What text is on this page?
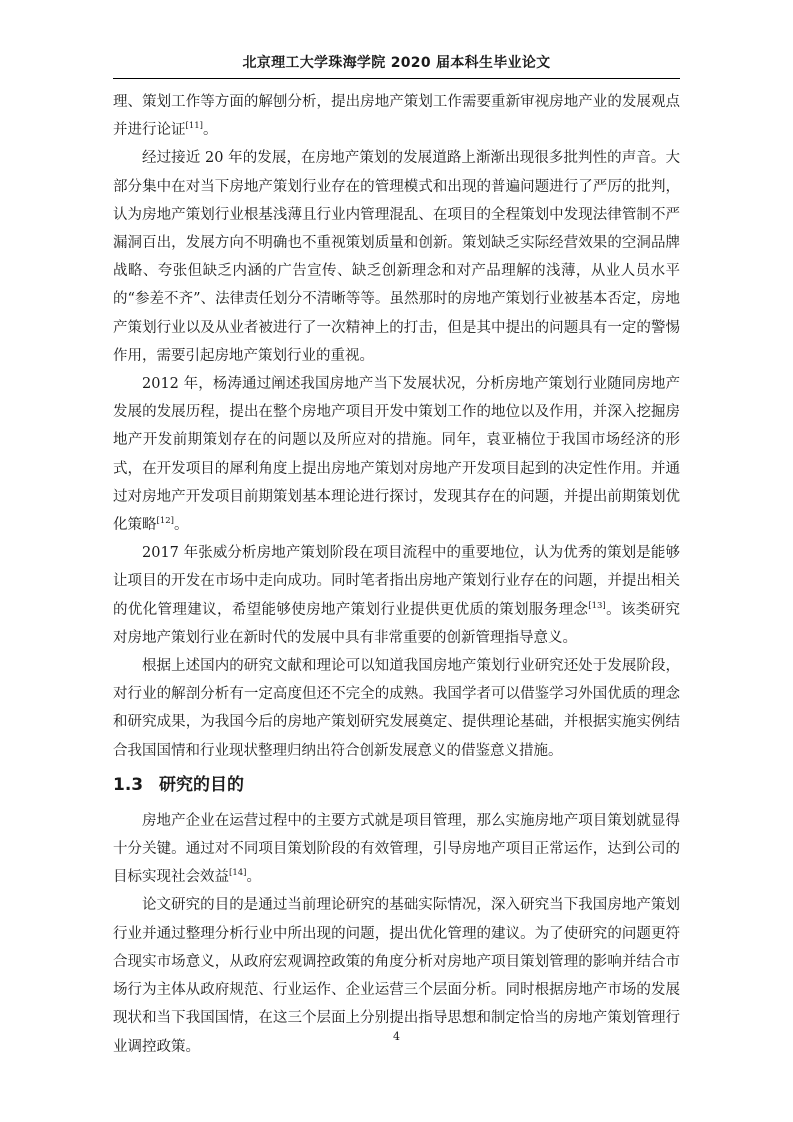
北京理工大学珠海学院 2020 届本科生毕业论文

理、策划工作等方面的解刨分析，提出房地产策划工作需要重新审视房地产业的发展观点并进行论证[11]。

经过接近 20 年的发展，在房地产策划的发展道路上渐渐出现很多批判性的声音。大部分集中在对当下房地产策划行业存在的管理模式和出现的普遍问题进行了严厉的批判，认为房地产策划行业根基浅薄且行业内管理混乱、在项目的全程策划中发现法律管制不严漏洞百出，发展方向不明确也不重视策划质量和创新。策划缺乏实际经营效果的空洞品牌战略、夸张但缺乏内涵的广告宣传、缺乏创新理念和对产品理解的浅薄，从业人员水平的“参差不齐”、法律责任划分不清晰等等。虽然那时的房地产策划行业被基本否定，房地产策划行业以及从业者被进行了一次精神上的打击，但是其中提出的问题具有一定的警惕作用，需要引起房地产策划行业的重视。

2012 年，杨涛通过阐述我国房地产当下发展状况，分析房地产策划行业随同房地产发展的发展历程，提出在整个房地产项目开发中策划工作的地位以及作用，并深入挖掘房地产开发前期策划存在的问题以及所应对的措施。同年，袁亚楠位于我国市场经济的形式，在开发项目的犀利角度上提出房地产策划对房地产开发项目起到的决定性作用。并通过对房地产开发项目前期策划基本理论进行探讨，发现其存在的问题，并提出前期策划优化策略[12]。

2017 年张威分析房地产策划阶段在项目流程中的重要地位，认为优秀的策划是能够让项目的开发在市场中走向成功。同时笔者指出房地产策划行业存在的问题，并提出相关的优化管理建议，希望能够使房地产策划行业提供更优质的策划服务理念[13]。该类研究对房地产策划行业在新时代的发展中具有非常重要的创新管理指导意义。

根据上述国内的研究文献和理论可以知道我国房地产策划行业研究还处于发展阶段，对行业的解剖分析有一定高度但还不完全的成熟。我国学者可以借鉴学习外国优质的理念和研究成果，为我国今后的房地产策划研究发展奠定、提供理论基础，并根据实施实例结合我国国情和行业现状整理归纳出符合创新发展意义的借鉴意义措施。

1.3 研究的目的

房地产企业在运营过程中的主要方式就是项目管理，那么实施房地产项目策划就显得十分关键。通过对不同项目策划阶段的有效管理，引导房地产项目正常运作，达到公司的目标实现社会效益[14]。

论文研究的目的是通过当前理论研究的基础实际情况，深入研究当下我国房地产策划行业并通过整理分析行业中所出现的问题，提出优化管理的建议。为了使研究的问题更符合现实市场意义，从政府宏观调控政策的角度分析对房地产项目策划管理的影响并结合市场行为主体从政府规范、行业运作、企业运营三个层面分析。同时根据房地产市场的发展现状和当下我国国情，在这三个层面上分别提出指导思想和制定恰当的房地产策划管理行业调控政策。

4
